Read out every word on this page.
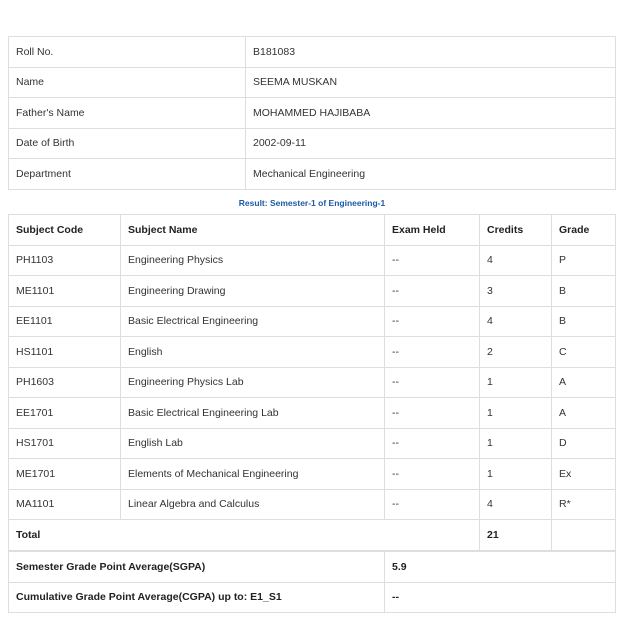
Roll No.	B181083
Name	SEEMA MUSKAN
Father's Name	MOHAMMED HAJIBABA
Date of Birth	2002-09-11
Department	Mechanical Engineering
Result: Semester-1 of Engineering-1
Subject Code	Subject Name	Exam Held	Credits	Grade
PH1103	Engineering Physics	--	4	P
ME1101	Engineering Drawing	--	3	B
EE1101	Basic Electrical Engineering	--	4	B
HS1101	English	--	2	C
PH1603	Engineering Physics Lab	--	1	A
EE1701	Basic Electrical Engineering Lab	--	1	A
HS1701	English Lab	--	1	D
ME1701	Elements of Mechanical Engineering	--	1	Ex
MA1101	Linear Algebra and Calculus	--	4	R*
Total			21	
Semester Grade Point Average(SGPA)	5.9
Cumulative Grade Point Average(CGPA) up to: E1_S1	--
